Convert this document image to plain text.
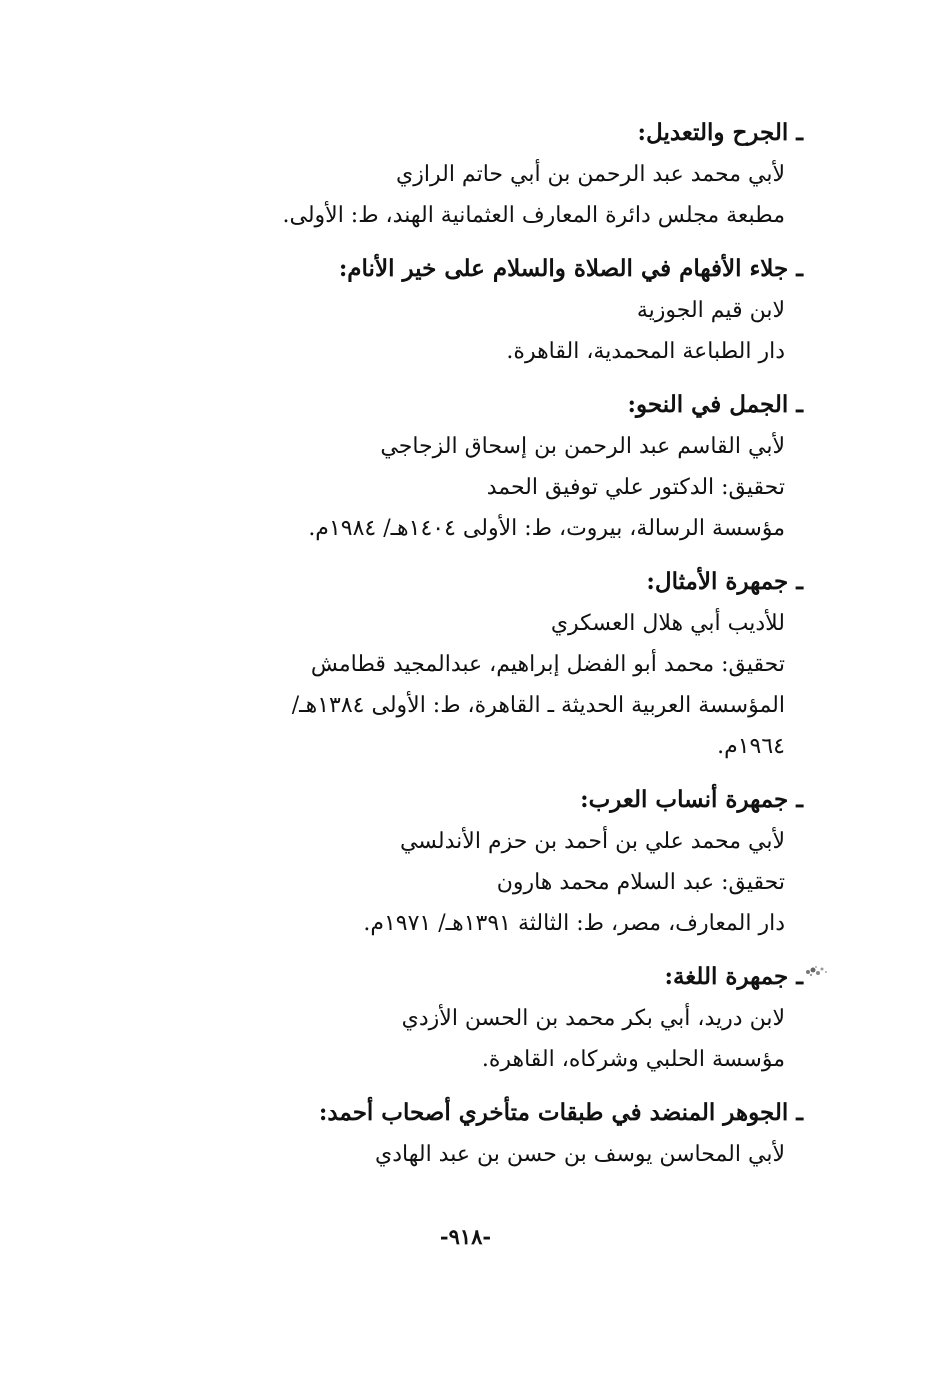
ـ الجرح والتعديل:
لأبي محمد عبد الرحمن بن أبي حاتم الرازي
مطبعة مجلس دائرة المعارف العثمانية الهند، ط: الأولى.
ـ جلاء الأفهام في الصلاة والسلام على خير الأنام:
لابن قيم الجوزية
دار الطباعة المحمدية، القاهرة.
ـ الجمل في النحو:
لأبي القاسم عبد الرحمن بن إسحاق الزجاجي
تحقيق: الدكتور علي توفيق الحمد
مؤسسة الرسالة، بيروت، ط: الأولى ١٤٠٤هـ/ ١٩٨٤م.
ـ جمهرة الأمثال:
للأديب أبي هلال العسكري
تحقيق: محمد أبو الفضل إبراهيم، عبدالمجيد قطامش
المؤسسة العربية الحديثة ـ القاهرة، ط: الأولى ١٣٨٤هـ/
١٩٦٤م.
ـ جمهرة أنساب العرب:
لأبي محمد علي بن أحمد بن حزم الأندلسي
تحقيق: عبد السلام محمد هارون
دار المعارف، مصر، ط: الثالثة ١٣٩١هـ/ ١٩٧١م.
ـ جمهرة اللغة:
لابن دريد، أبي بكر محمد بن الحسن الأزدي
مؤسسة الحلبي وشركاه، القاهرة.
ـ الجوهر المنضد في طبقات متأخري أصحاب أحمد:
لأبي المحاسن يوسف بن حسن بن عبد الهادي
-٩١٨-
